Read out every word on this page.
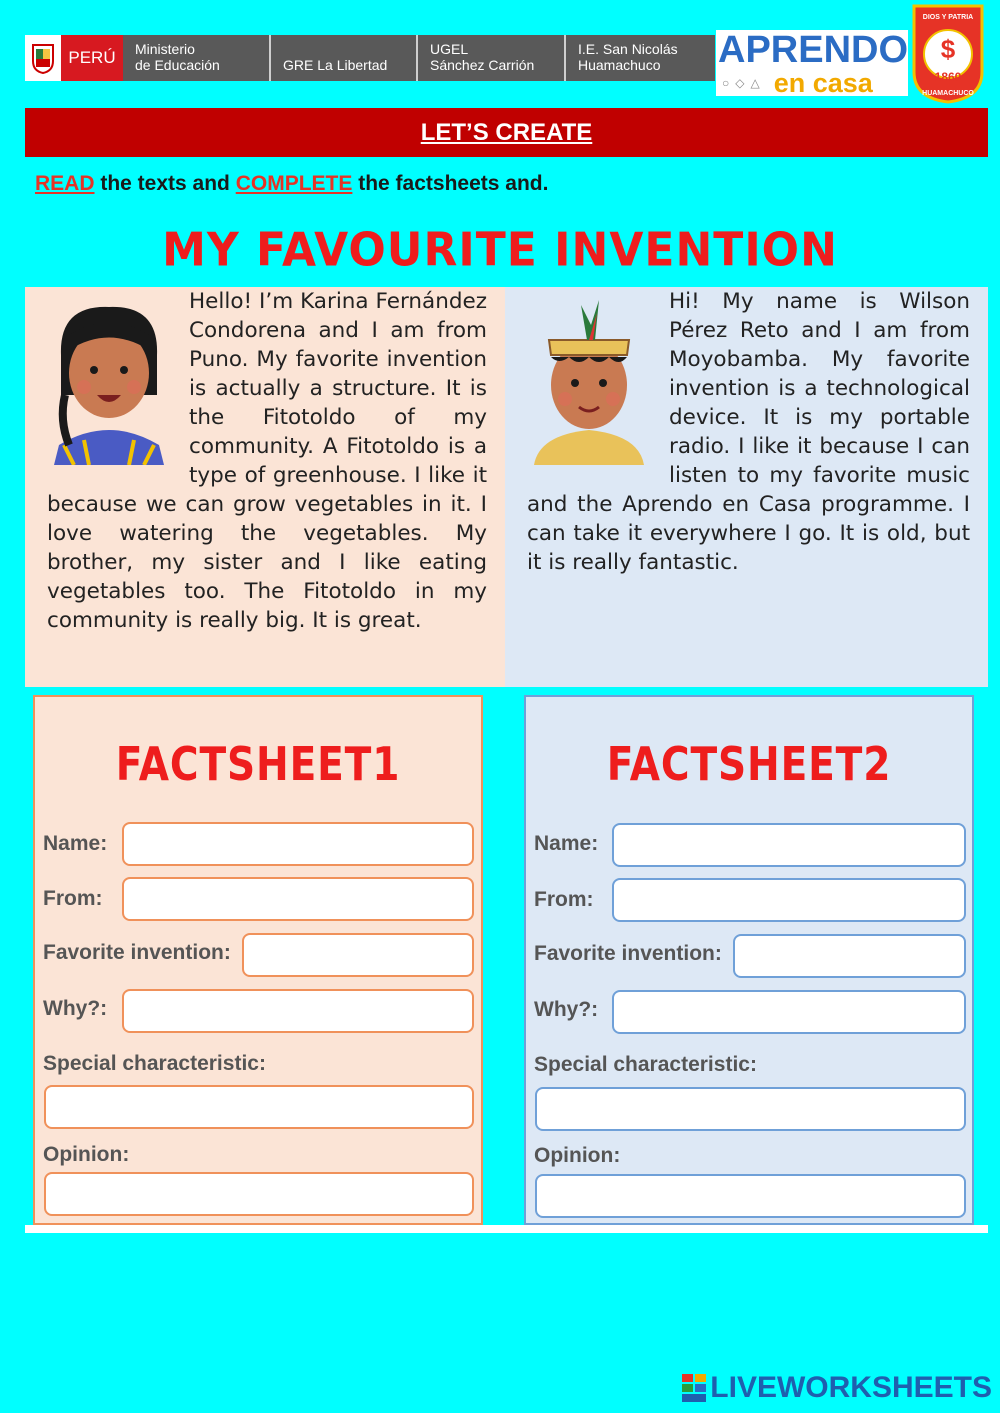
PERÚ	Ministerio
de Educación	GRE La Libertad
UGEL
Sánchez Carrión
I.E. San Nicolás
Huamachuco	APRENDO
○◇△ en casa
$
DIOS Y PATRIA
1860
HUAMACHUCO
LET’S CREATE
READ the texts and COMPLETE the factsheets and.
MY FAVOURITE INVENTION
Hello! I’m Karina Fernández Condorena and I am from Puno. My favorite invention is actually a structure. It is the Fitotoldo of my community. A Fitotoldo is a type of greenhouse. I like it because we can grow vegetables in it. I love watering the vegetables. My brother, my sister and I like eating vegetables too. The Fitotoldo in my community is really big. It is great.
Hi! My name is Wilson Pérez Reto and I am from Moyobamba. My favorite invention is a technological device. It is my portable radio. I like it because I can listen to my favorite music and the Aprendo en Casa programme. I can take it everywhere I go. It is old, but it is really fantastic.
FACTSHEET1
Name:
From:
Favorite invention:
Why?:
Special characteristic:
Opinion:
FACTSHEET2
Name:
From:
Favorite invention:
Why?:
Special characteristic:
Opinion:
LIVEWORKSHEETS
